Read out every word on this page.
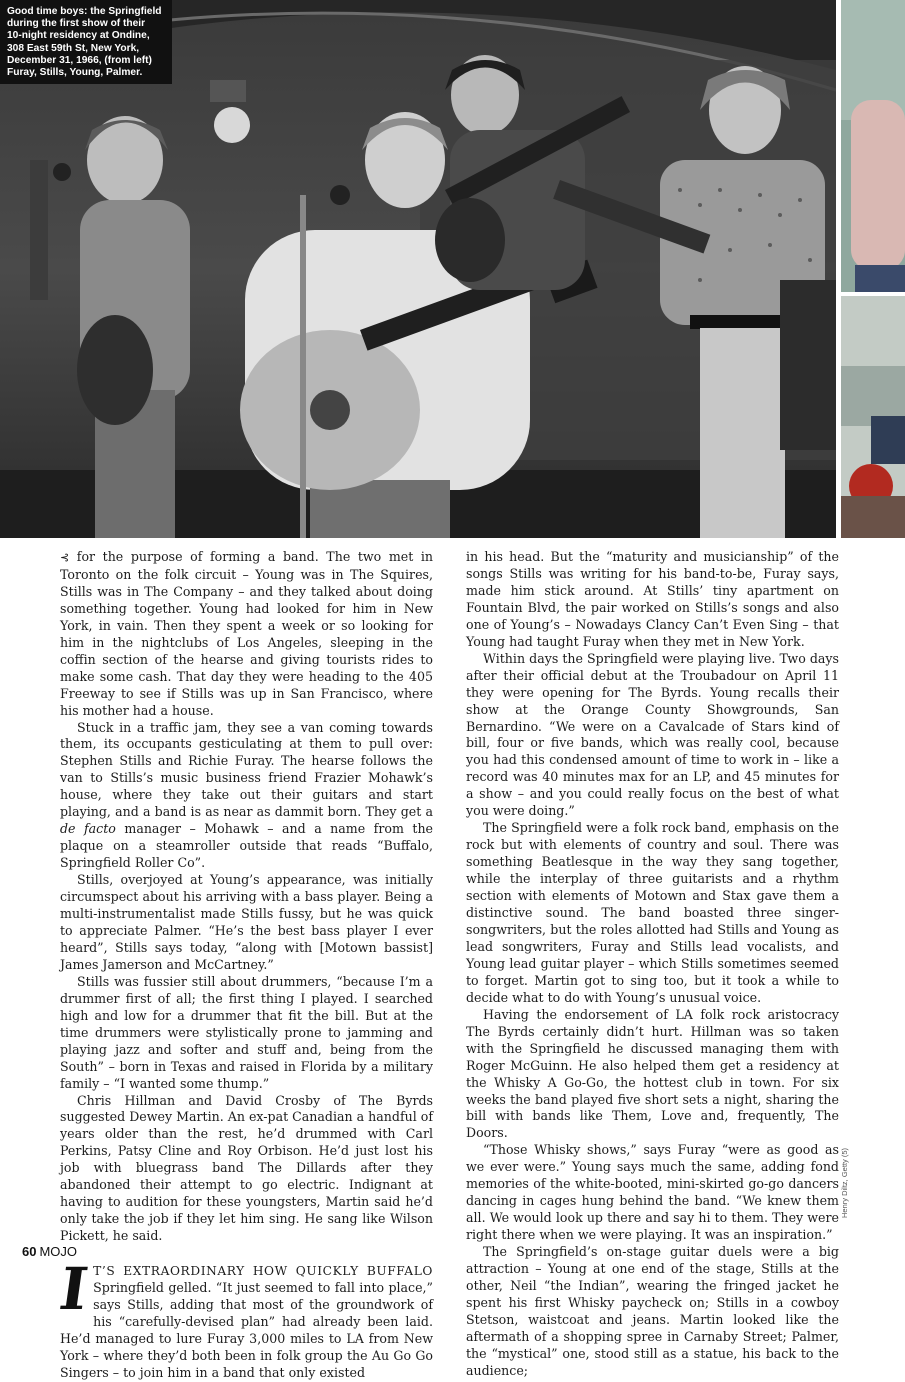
Good time boys: the Springfield
during the first show of their
10-night residency at Ondine,
308 East 59th St, New York,
December 31, 1966, (from left)
Furay, Stills, Young, Palmer.

⊰ for the purpose of forming a band. The two met in Toronto on the folk circuit – Young was in The Squires, Stills was in The Company – and they talked about doing something together. Young had looked for him in New York, in vain. Then they spent a week or so looking for him in the nightclubs of Los Angeles, sleeping in the coffin section of the hearse and giving tourists rides to make some cash. That day they were heading to the 405 Freeway to see if Stills was up in San Francisco, where his mother had a house.

Stuck in a traffic jam, they see a van coming towards them, its occupants gesticulating at them to pull over: Stephen Stills and Richie Furay. The hearse follows the van to Stills’s music business friend Frazier Mohawk’s house, where they take out their guitars and start playing, and a band is as near as dammit born. They get a de facto manager – Mohawk – and a name from the plaque on a steamroller outside that reads “Buffalo, Springfield Roller Co”.

Stills, overjoyed at Young’s appearance, was initially circumspect about his arriving with a bass player. Being a multi-instrumentalist made Stills fussy, but he was quick to appreciate Palmer. “He’s the best bass player I ever heard”, Stills says today, “along with [Motown bassist] James Jamerson and McCartney.”

Stills was fussier still about drummers, “because I’m a drummer first of all; the first thing I played. I searched high and low for a drummer that fit the bill. But at the time drummers were stylistically prone to jamming and playing jazz and softer and stuff and, being from the South” – born in Texas and raised in Florida by a military family – “I wanted some thump.”

Chris Hillman and David Crosby of The Byrds suggested Dewey Martin. An ex-pat Canadian a handful of years older than the rest, he’d drummed with Carl Perkins, Patsy Cline and Roy Orbison. He’d just lost his job with bluegrass band The Dillards after they abandoned their attempt to go electric. Indignant at having to audition for these youngsters, Martin said he’d only take the job if they let him sing. He sang like Wilson Pickett, he said.

I T’S EXTRAORDINARY HOW QUICKLY BUFFALO Springfield gelled. “It just seemed to fall into place,” says Stills, adding that most of the groundwork of his “carefully-devised plan” had already been laid. He’d managed to lure Furay 3,000 miles to LA from New York – where they’d both been in folk group the Au Go Go Singers – to join him in a band that only existed

in his head. But the “maturity and musicianship” of the songs Stills was writing for his band-to-be, Furay says, made him stick around. At Stills’ tiny apartment on Fountain Blvd, the pair worked on Stills’s songs and also one of Young’s – Nowadays Clancy Can’t Even Sing – that Young had taught Furay when they met in New York.

Within days the Springfield were playing live. Two days after their official debut at the Troubadour on April 11 they were opening for The Byrds. Young recalls their show at the Orange County Showgrounds, San Bernardino. “We were on a Cavalcade of Stars kind of bill, four or five bands, which was really cool, because you had this condensed amount of time to work in – like a record was 40 minutes max for an LP, and 45 minutes for a show – and you could really focus on the best of what you were doing.”

The Springfield were a folk rock band, emphasis on the rock but with elements of country and soul. There was something Beatlesque in the way they sang together, while the interplay of three guitarists and a rhythm section with elements of Motown and Stax gave them a distinctive sound. The band boasted three singer-songwriters, but the roles allotted had Stills and Young as lead songwriters, Furay and Stills lead vocalists, and Young lead guitar player – which Stills sometimes seemed to forget. Martin got to sing too, but it took a while to decide what to do with Young’s unusual voice.

Having the endorsement of LA folk rock aristocracy The Byrds certainly didn’t hurt. Hillman was so taken with the Springfield he discussed managing them with Roger McGuinn. He also helped them get a residency at the Whisky A Go-Go, the hottest club in town. For six weeks the band played five short sets a night, sharing the bill with bands like Them, Love and, frequently, The Doors.

“Those Whisky shows,” says Furay “were as good as we ever were.” Young says much the same, adding fond memories of the white-booted, mini-skirted go-go dancers dancing in cages hung behind the band. “We knew them all. We would look up there and say hi to them. They were right there when we were playing. It was an inspiration.”

The Springfield’s on-stage guitar duels were a big attraction – Young at one end of the stage, Stills at the other, Neil “the Indian”, wearing the fringed jacket he spent his first Whisky paycheck on; Stills in a cowboy Stetson, waistcoat and jeans. Martin looked like the aftermath of a shopping spree in Carnaby Street; Palmer, the “mystical” one, stood still as a statue, his back to the audience;

Henry Diltz, Getty (5)
60 MOJO
